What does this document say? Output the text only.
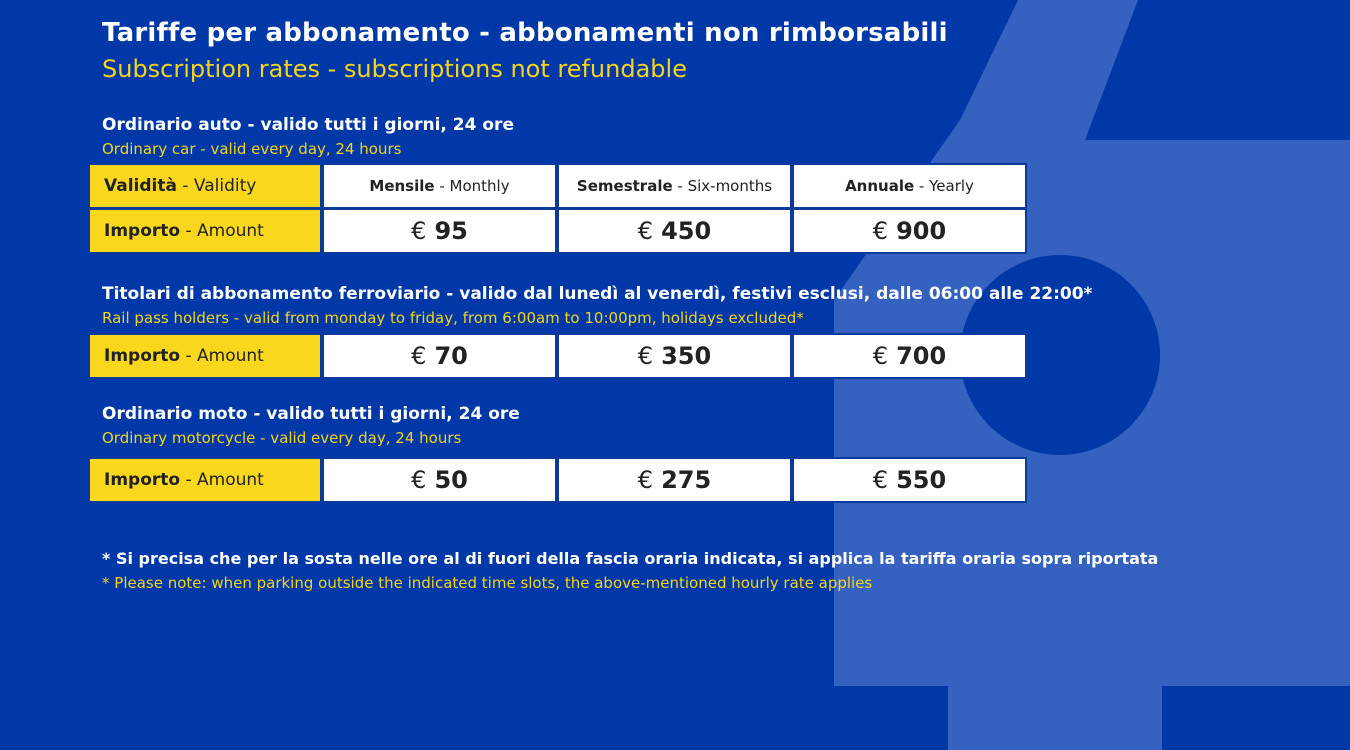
Tariffe per abbonamento - abbonamenti non rimborsabili
Subscription rates - subscriptions not refundable
Ordinario auto - valido tutti i giorni, 24 ore
Ordinary car - valid every day, 24 hours
Validità - Validity	Mensile - Monthly	Semestrale - Six-months	Annuale - Yearly
Importo - Amount	€ 95	€ 450	€ 900
Titolari di abbonamento ferroviario - valido dal lunedì al venerdì, festivi esclusi, dalle 06:00 alle 22:00*
Rail pass holders - valid from monday to friday, from 6:00am to 10:00pm, holidays excluded*
Importo - Amount	€ 70	€ 350	€ 700
Ordinario moto - valido tutti i giorni, 24 ore
Ordinary motorcycle - valid every day, 24 hours
Importo - Amount	€ 50	€ 275	€ 550
* Si precisa che per la sosta nelle ore al di fuori della fascia oraria indicata, si applica la tariffa oraria sopra riportata
* Please note: when parking outside the indicated time slots, the above-mentioned hourly rate applies
